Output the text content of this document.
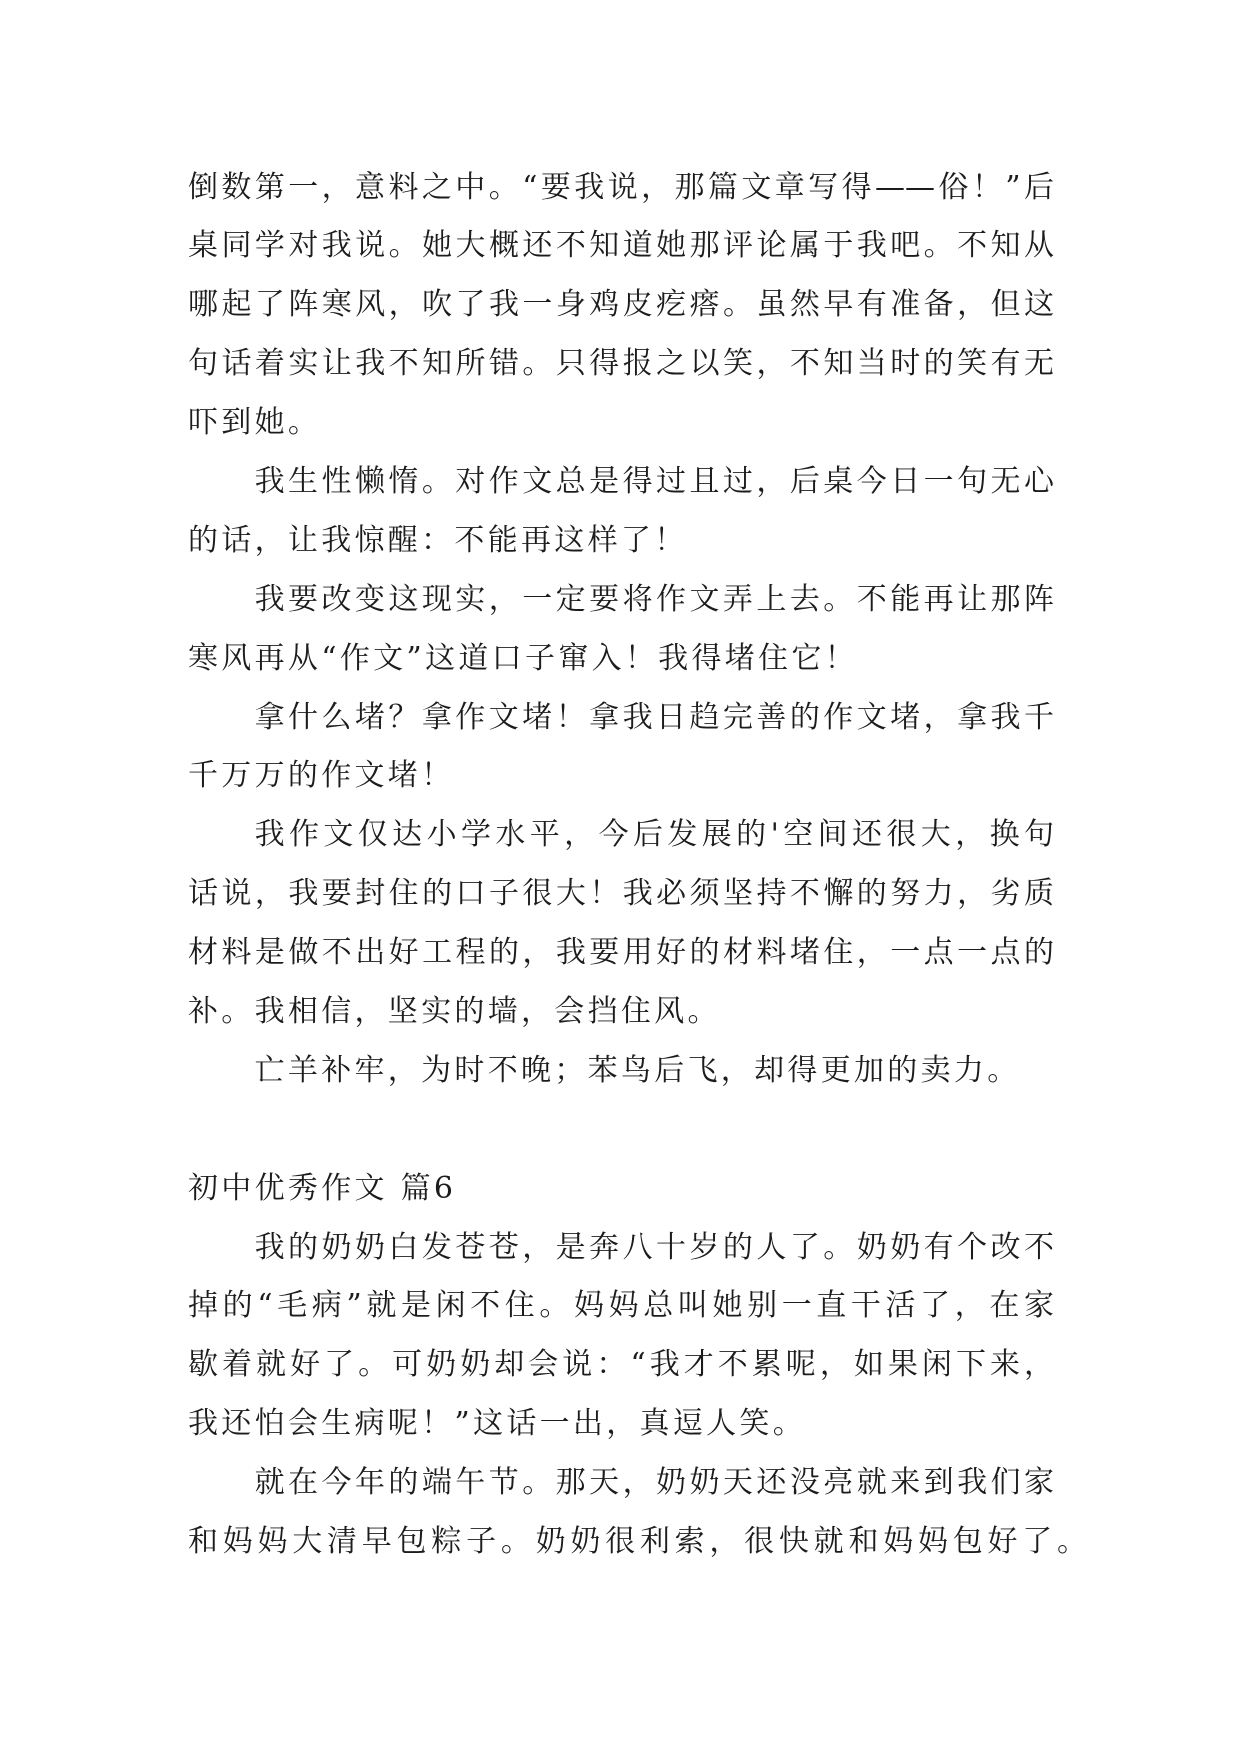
倒数第一，意料之中。“要我说，那篇文章写得——俗！”后
桌同学对我说。她大概还不知道她那评论属于我吧。不知从
哪起了阵寒风，吹了我一身鸡皮疙瘩。虽然早有准备，但这
句话着实让我不知所错。只得报之以笑，不知当时的笑有无
吓到她。
我生性懒惰。对作文总是得过且过，后桌今日一句无心
的话，让我惊醒：不能再这样了！
我要改变这现实，一定要将作文弄上去。不能再让那阵
寒风再从“作文”这道口子窜入！我得堵住它！
拿什么堵？拿作文堵！拿我日趋完善的作文堵，拿我千
千万万的作文堵！
我作文仅达小学水平，今后发展的'空间还很大，换句
话说，我要封住的口子很大！我必须坚持不懈的努力，劣质
材料是做不出好工程的，我要用好的材料堵住，一点一点的
补。我相信，坚实的墙，会挡住风。
亡羊补牢，为时不晚；苯鸟后飞，却得更加的卖力。
初中优秀作文 篇6
我的奶奶白发苍苍，是奔八十岁的人了。奶奶有个改不
掉的“毛病”就是闲不住。妈妈总叫她别一直干活了，在家
歇着就好了。可奶奶却会说：“我才不累呢，如果闲下来，
我还怕会生病呢！”这话一出，真逗人笑。
就在今年的端午节。那天，奶奶天还没亮就来到我们家
和妈妈大清早包粽子。奶奶很利索，很快就和妈妈包好了。
